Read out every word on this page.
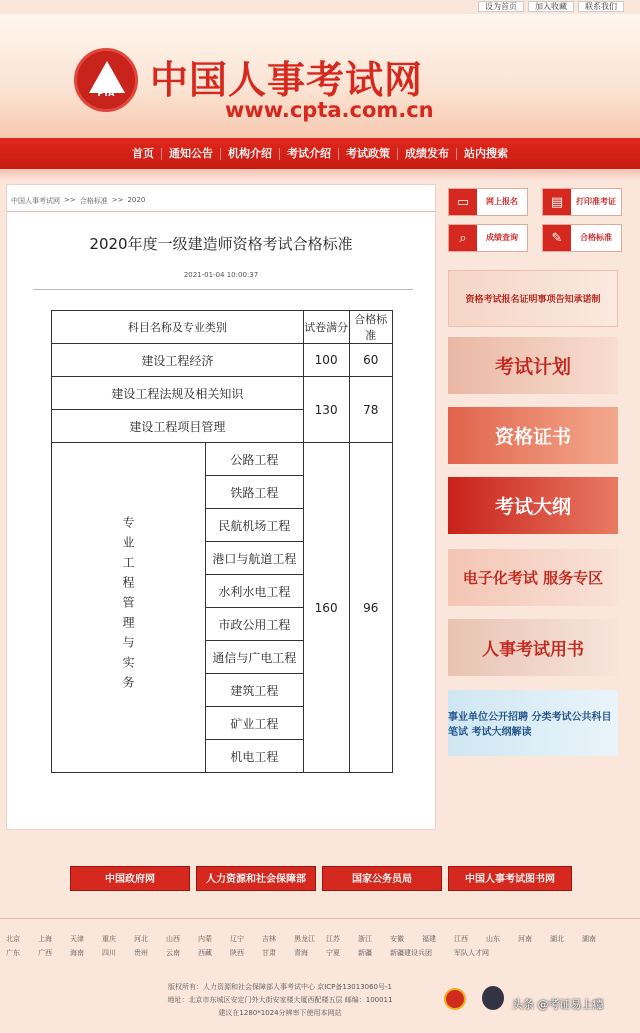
设为首页	加入收藏	联系我们
PTA 中国人事考试网
www.cpta.com.cn
首页	通知公告	机构介绍	考试介绍	考试政策	成绩发布	站内搜索
中国人事考试网 >> 合格标准 >> 2020
2020年度一级建造师资格考试合格标准
2021-01-04 10:00:37
科目名称及专业类别		试卷满分	合格标准
建设工程经济		100	60
建设工程法规及相关知识		130	78
建设工程项目管理			
专业工程管理与实务	公路工程	160	96
	铁路工程		
	民航机场工程		
	港口与航道工程		
	水利水电工程		
	市政公用工程		
	通信与广电工程		
	建筑工程		
	矿业工程		
	机电工程		
▭	网上报名	▤	打印准考证
⌕	成绩查询	✎	合格标准
资格考试报名证明事项告知承诺制
考试计划
资格证书
考试大纲
电子化考试 服务专区
人事考试用书
事业单位公开招聘 分类考试公共科目笔试 考试大纲解读
中国政府网	人力资源和社会保障部	国家公务员局	中国人事考试图书网
北京	上海	天津	重庆	河北	山西	内蒙	辽宁	吉林	黑龙江	江苏	浙江	安徽	福建	江西	山东	河南	湖北	湖南
广东	广西	海南	四川	贵州	云南	西藏	陕西	甘肃	青海	宁夏	新疆	新疆建设兵团	军队人才网
版权所有：人力资源和社会保障部人事考试中心 京ICP备13013060号-1
地址：北京市东城区安定门外大街安家楼大厦西配楼五层 邮编：100011
建议在1280*1024分辨率下使用本网站
头条 @考证易上瘾
